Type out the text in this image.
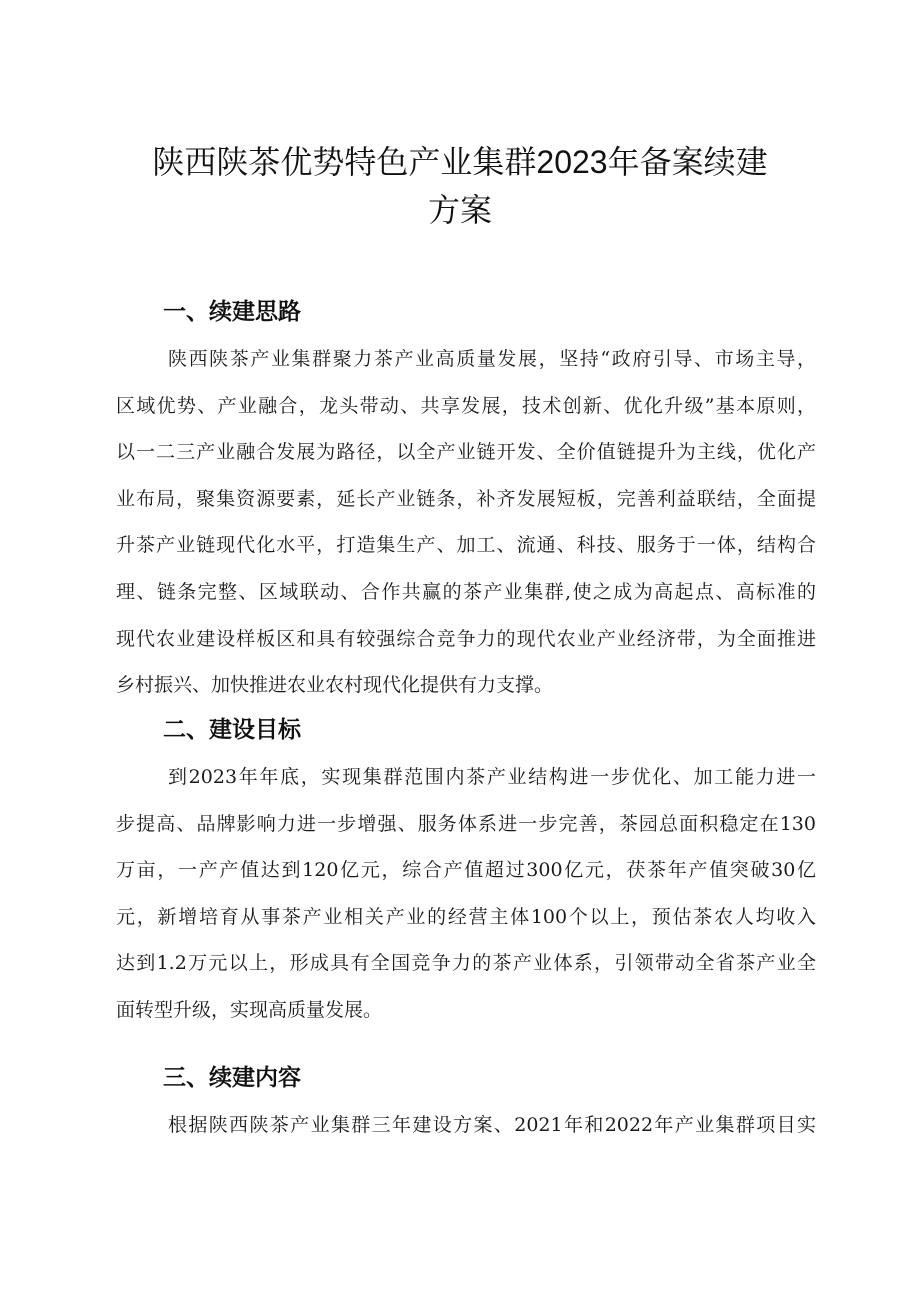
陕西陕茶优势特色产业集群2023年备案续建
方案
一、续建思路
陕西陕茶产业集群聚力茶产业高质量发展，坚持“政府引导、市场主导，
区域优势、产业融合，龙头带动、共享发展，技术创新、优化升级”基本原则，
以一二三产业融合发展为路径，以全产业链开发、全价值链提升为主线，优化产
业布局，聚集资源要素，延长产业链条，补齐发展短板，完善利益联结，全面提
升茶产业链现代化水平，打造集生产、加工、流通、科技、服务于一体，结构合
理、链条完整、区域联动、合作共赢的茶产业集群,使之成为高起点、高标准的
现代农业建设样板区和具有较强综合竞争力的现代农业产业经济带，为全面推进
乡村振兴、加快推进农业农村现代化提供有力支撑。
二、建设目标
到2023年年底，实现集群范围内茶产业结构进一步优化、加工能力进一
步提高、品牌影响力进一步增强、服务体系进一步完善，茶园总面积稳定在130
万亩，一产产值达到120亿元，综合产值超过300亿元，茯茶年产值突破30亿
元，新增培育从事茶产业相关产业的经营主体100个以上，预估茶农人均收入
达到1.2万元以上，形成具有全国竞争力的茶产业体系，引领带动全省茶产业全
面转型升级，实现高质量发展。
三、续建内容
根据陕西陕茶产业集群三年建设方案、2021年和2022年产业集群项目实
